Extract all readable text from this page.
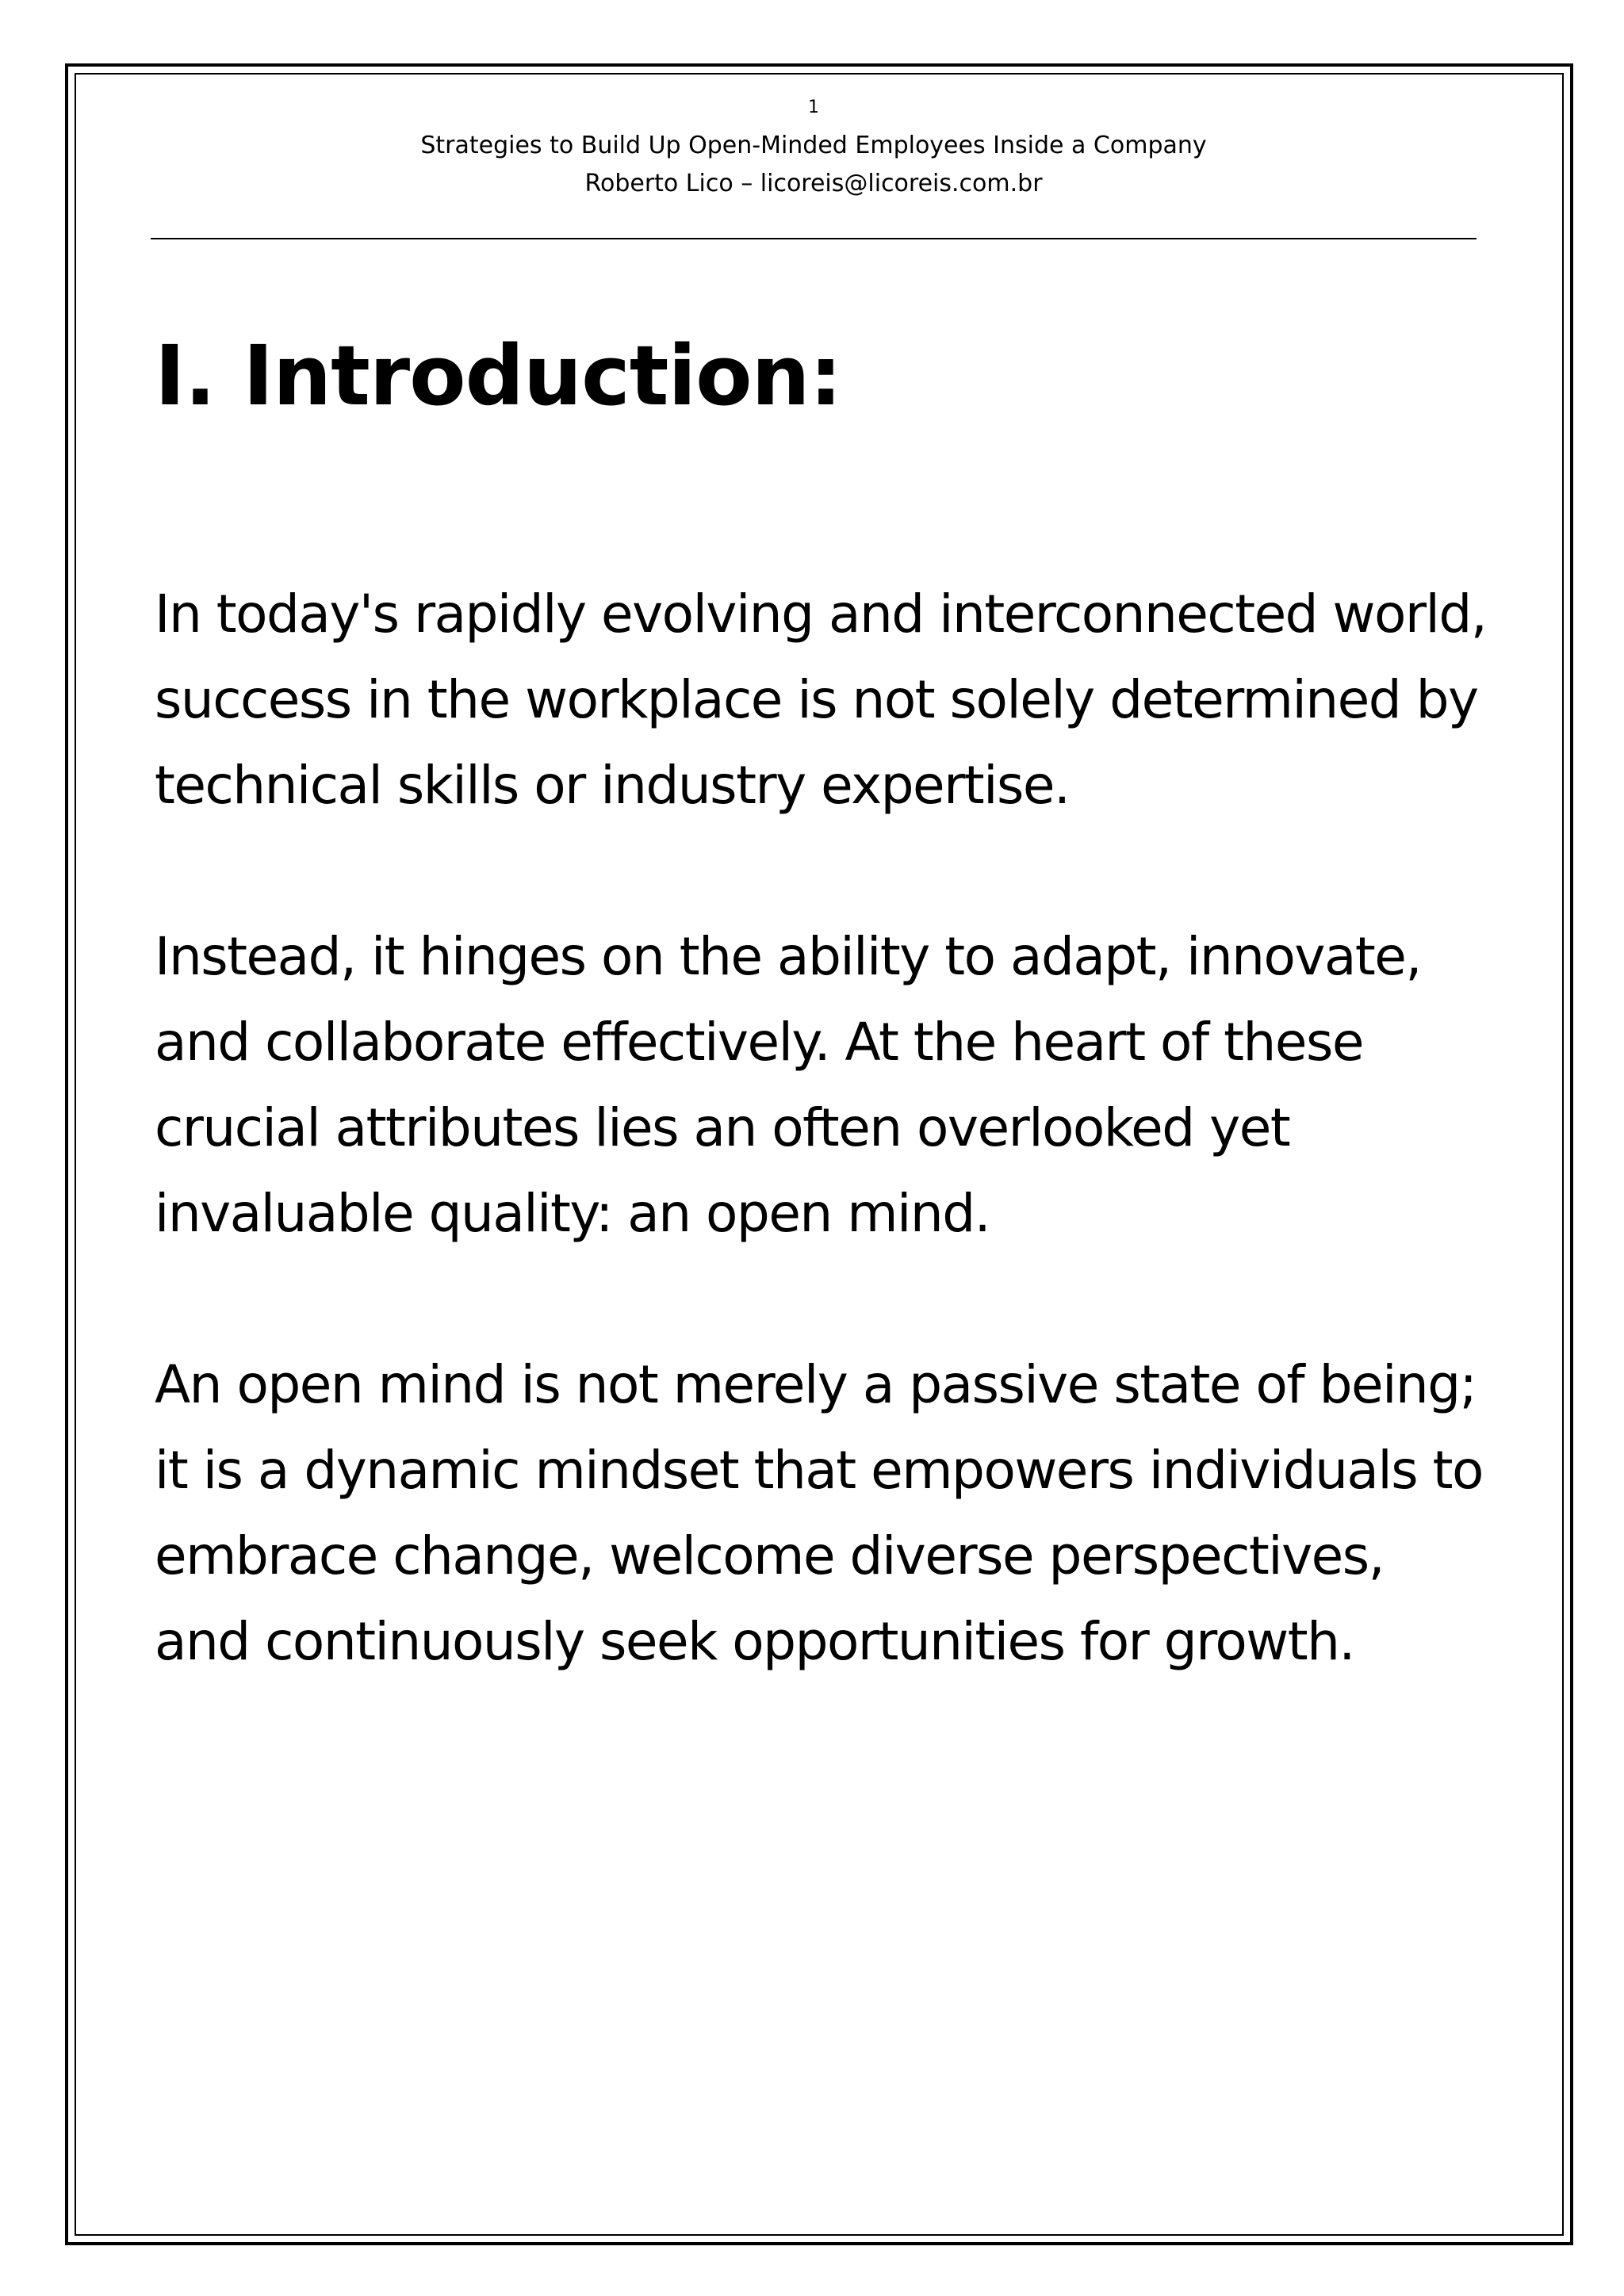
1
Strategies to Build Up Open-Minded Employees Inside a Company
Roberto Lico – licoreis@licoreis.com.br
I. Introduction:

In today's rapidly evolving and interconnected world, success in the workplace is not solely determined by technical skills or industry expertise.

Instead, it hinges on the ability to adapt, innovate, and collaborate effectively. At the heart of these crucial attributes lies an often overlooked yet invaluable quality: an open mind.

An open mind is not merely a passive state of being; it is a dynamic mindset that empowers individuals to embrace change, welcome diverse perspectives, and continuously seek opportunities for growth.
